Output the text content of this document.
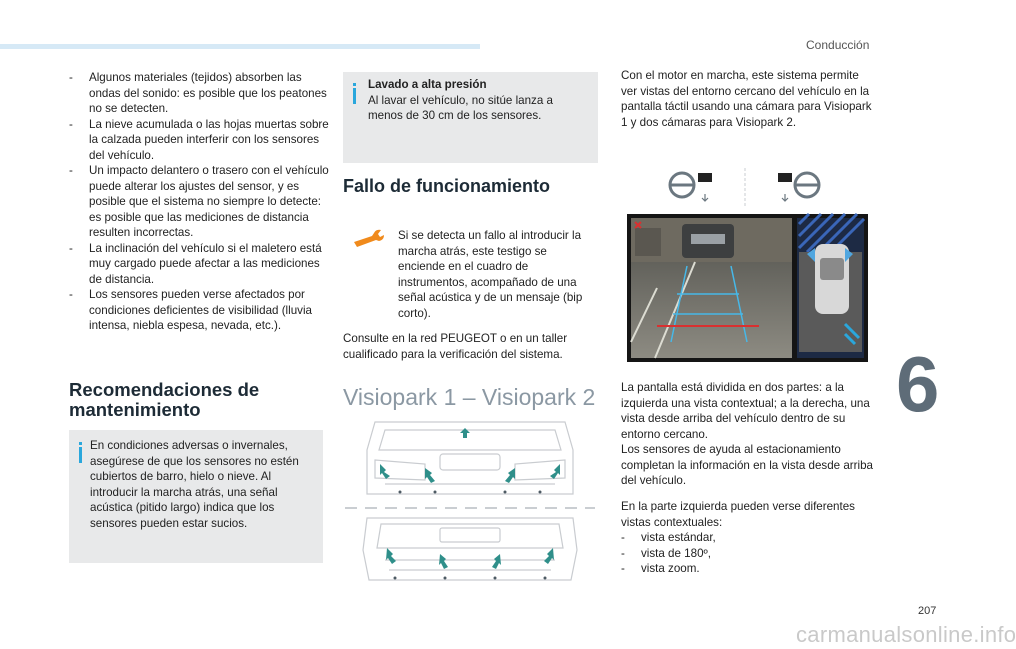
Conducción
6
- Algunos materiales (tejidos) absorben las ondas del sonido: es posible que los peatones no se detecten.
- La nieve acumulada o las hojas muertas sobre la calzada pueden interferir con los sensores del vehículo.
- Un impacto delantero o trasero con el vehículo puede alterar los ajustes del sensor, y es posible que el sistema no siempre lo detecte: es posible que las mediciones de distancia resulten incorrectas.
- La inclinación del vehículo si el maletero está muy cargado puede afectar a las mediciones de distancia.
- Los sensores pueden verse afectados por condiciones deficientes de visibilidad (lluvia intensa, niebla espesa, nevada, etc.).
Recomendaciones de mantenimiento
En condiciones adversas o invernales, asegúrese de que los sensores no estén cubiertos de barro, hielo o nieve. Al introducir la marcha atrás, una señal acústica (pitido largo) indica que los sensores pueden estar sucios.
Lavado a alta presión
Al lavar el vehículo, no sitúe lanza a menos de 30 cm de los sensores.
Fallo de funcionamiento
Si se detecta un fallo al introducir la marcha atrás, este testigo se enciende en el cuadro de instrumentos, acompañado de una señal acústica y de un mensaje (bip corto).
Consulte en la red PEUGEOT o en un taller cualificado para la verificación del sistema.
Visiopark 1 – Visiopark 2
Con el motor en marcha, este sistema permite ver vistas del entorno cercano del vehículo en la pantalla táctil usando una cámara para Visiopark 1 y dos cámaras para Visiopark 2.
La pantalla está dividida en dos partes: a la izquierda una vista contextual; a la derecha, una vista desde arriba del vehículo dentro de su entorno cercano.
Los sensores de ayuda al estacionamiento completan la información en la vista desde arriba del vehículo.
En la parte izquierda pueden verse diferentes vistas contextuales:
- vista estándar,
- vista de 180º,
- vista zoom.
207
carmanualsonline.info
